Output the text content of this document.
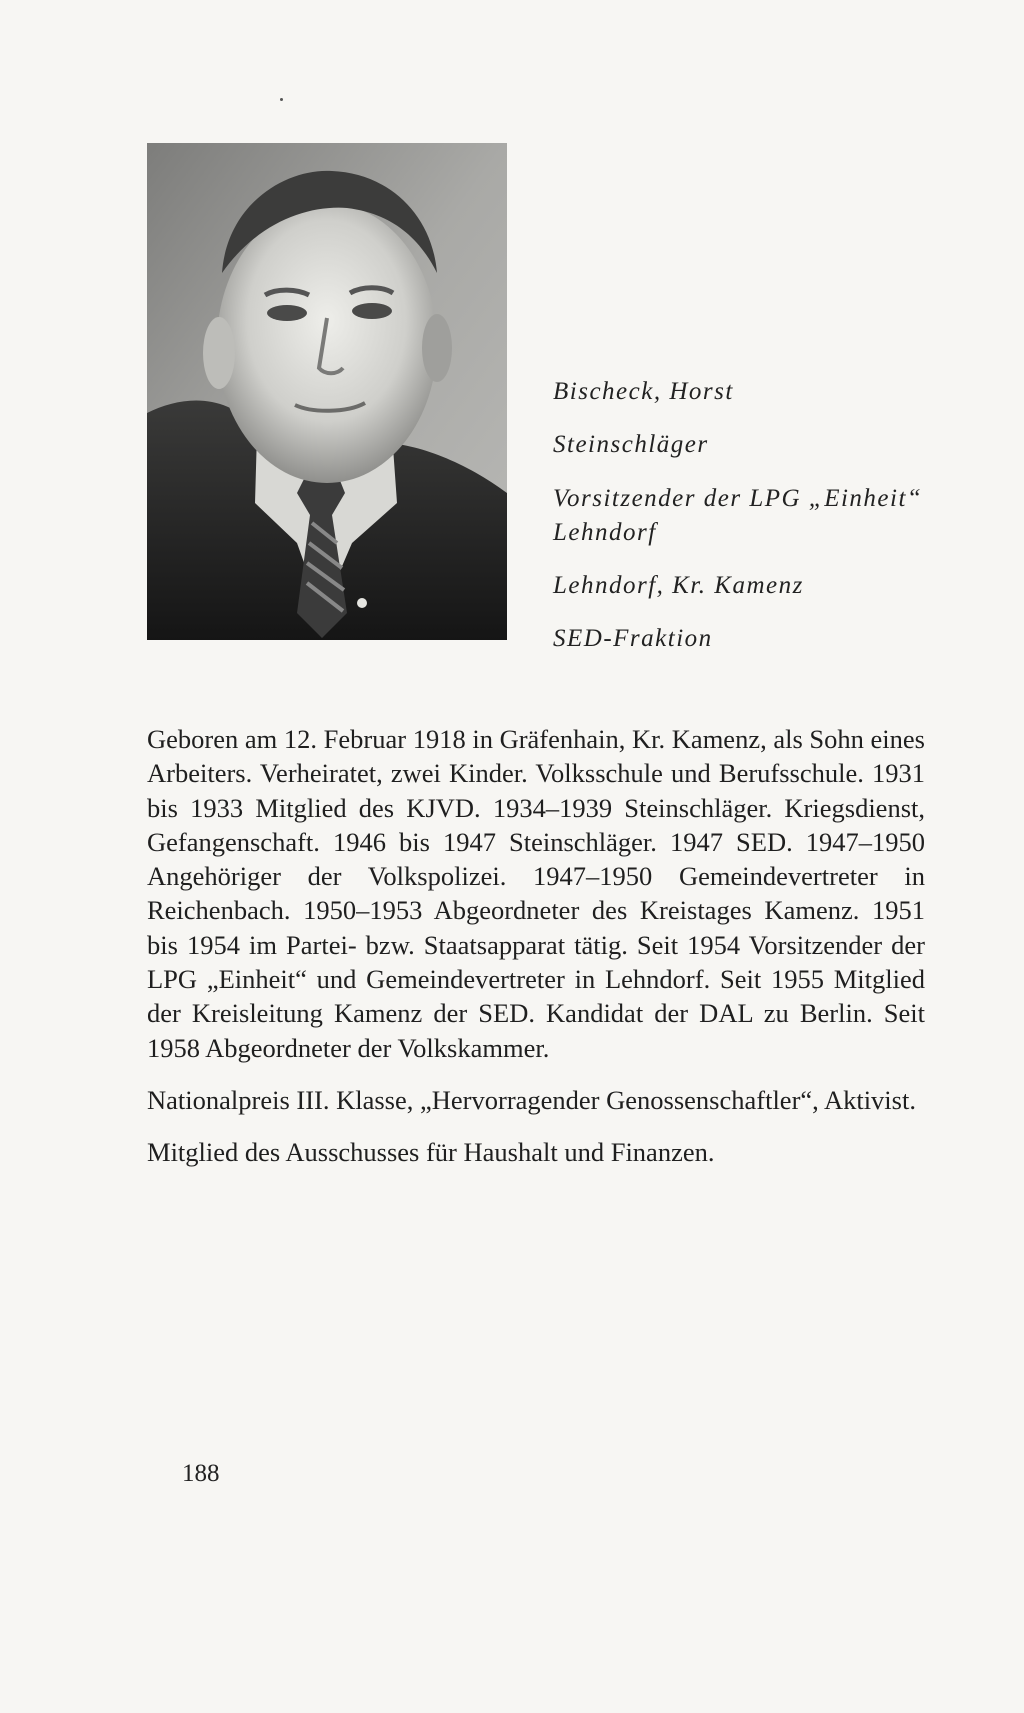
Bischeck, Horst
Steinschläger
Vorsitzender der LPG „Einheit“ Lehndorf
Lehndorf, Kr. Kamenz
SED-Fraktion

Geboren am 12. Februar 1918 in Gräfenhain, Kr. Kamenz, als Sohn eines Arbeiters. Verheiratet, zwei Kinder. Volksschule und Berufsschule. 1931 bis 1933 Mitglied des KJVD. 1934–1939 Steinschläger. Kriegsdienst, Gefangenschaft. 1946 bis 1947 Steinschläger. 1947 SED. 1947–1950 Angehöriger der Volkspolizei. 1947–1950 Gemeindevertreter in Reichenbach. 1950–1953 Abgeordneter des Kreistages Kamenz. 1951 bis 1954 im Partei- bzw. Staatsapparat tätig. Seit 1954 Vorsitzender der LPG „Einheit“ und Gemeindevertreter in Lehndorf. Seit 1955 Mitglied der Kreisleitung Kamenz der SED. Kandidat der DAL zu Berlin. Seit 1958 Abgeordneter der Volkskammer.

Nationalpreis III. Klasse, „Hervorragender Genossenschaftler“, Aktivist.

Mitglied des Ausschusses für Haushalt und Finanzen.

188
